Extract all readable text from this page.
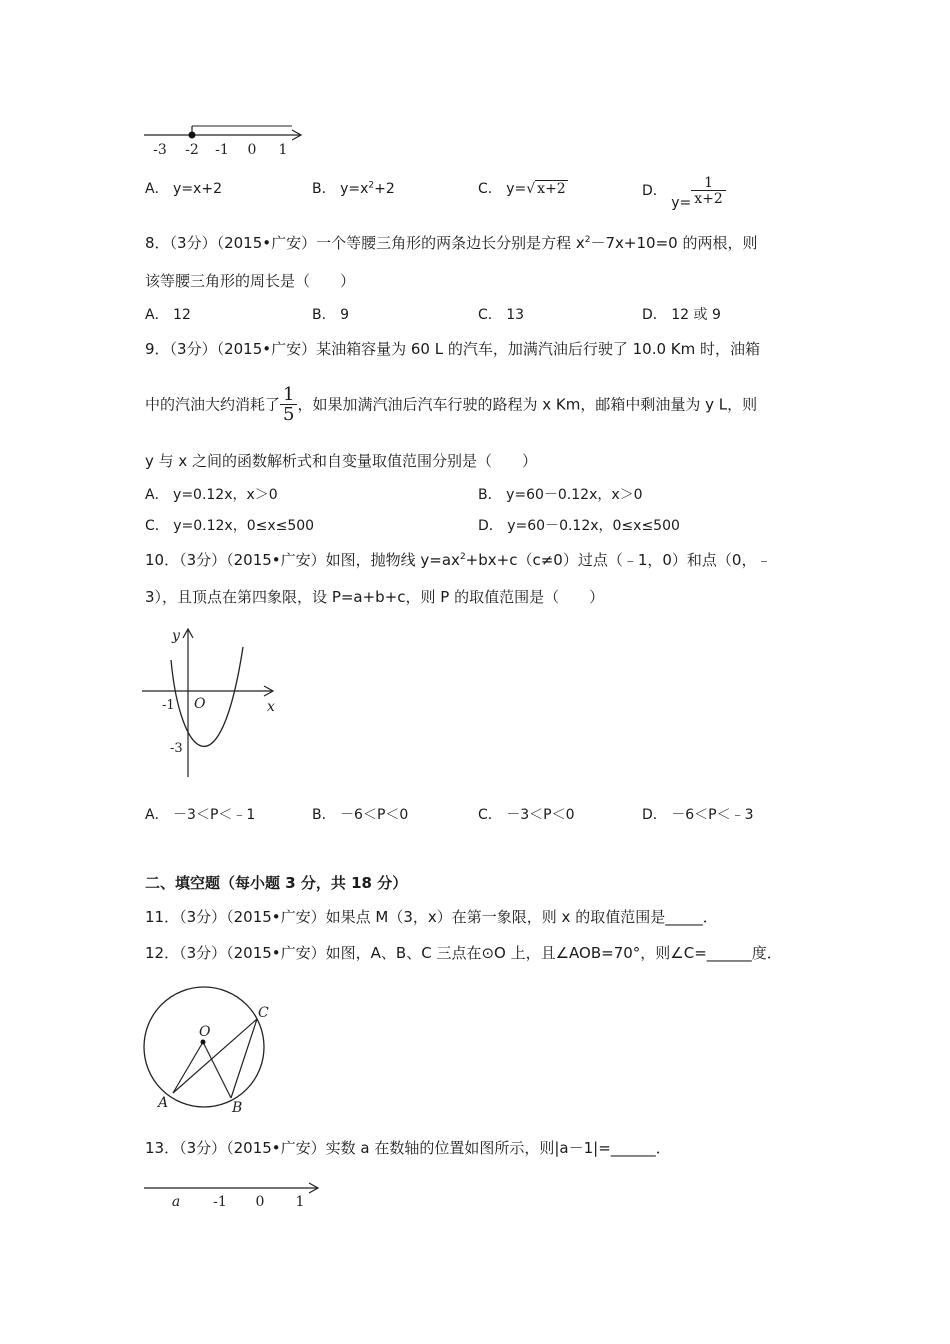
-3 -2 -1 0 1
A． y=x+2	B． $y=x^2+2$	C． y=√ x+2	D． $y= \frac{1}{x+2}$
8．（3分）（2015•广安）一个等腰三角形的两条边长分别是方程 $x^2-7x+10=0$ 的两根，则
该等腰三角形的周长是（　　）
A． 12	B． 9	C． 13	D． 12 或 9
9．（3分）（2015•广安）某油箱容量为 60 L 的汽车，加满汽油后行驶了 10.0 Km 时，油箱
中的汽油大约消耗了 $\frac{1}{5}$ ，如果加满汽油后汽车行驶的路程为 x Km，邮箱中剩油量为 y L，则
y 与 x 之间的函数解析式和自变量取值范围分别是（　　）
A． y=0.12x，x＞0	B． y=60－0.12x，x＞0
C． y=0.12x，0≤x≤500	D． y=60－0.12x，0≤x≤500
10．（3分）（2015•广安）如图，抛物线 $y=ax^2+bx+c(c\ne 0)$过点（﹣1，0）和点（0，﹣
3），且顶点在第四象限，设 P=a+b+c，则 P 的取值范围是（　　）
y
x
O
-1
-3
A． －3＜P＜﹣1	B． －6＜P＜0	C． －3＜P＜0	D． －6＜P＜﹣3
二、填空题（每小题 3 分，共 18 分）
11．（3分）（2015•广安）如果点 M（3，x）在第一象限，则 x 的取值范围是_____．
12．（3分）（2015•广安）如图，A、B、C 三点在⊙O 上，且∠AOB=70°，则∠C=______度．
O
A	B
C
13．（3分）（2015•广安）实数 a 在数轴的位置如图所示，则|a－1|=______．
a -1 0 1
